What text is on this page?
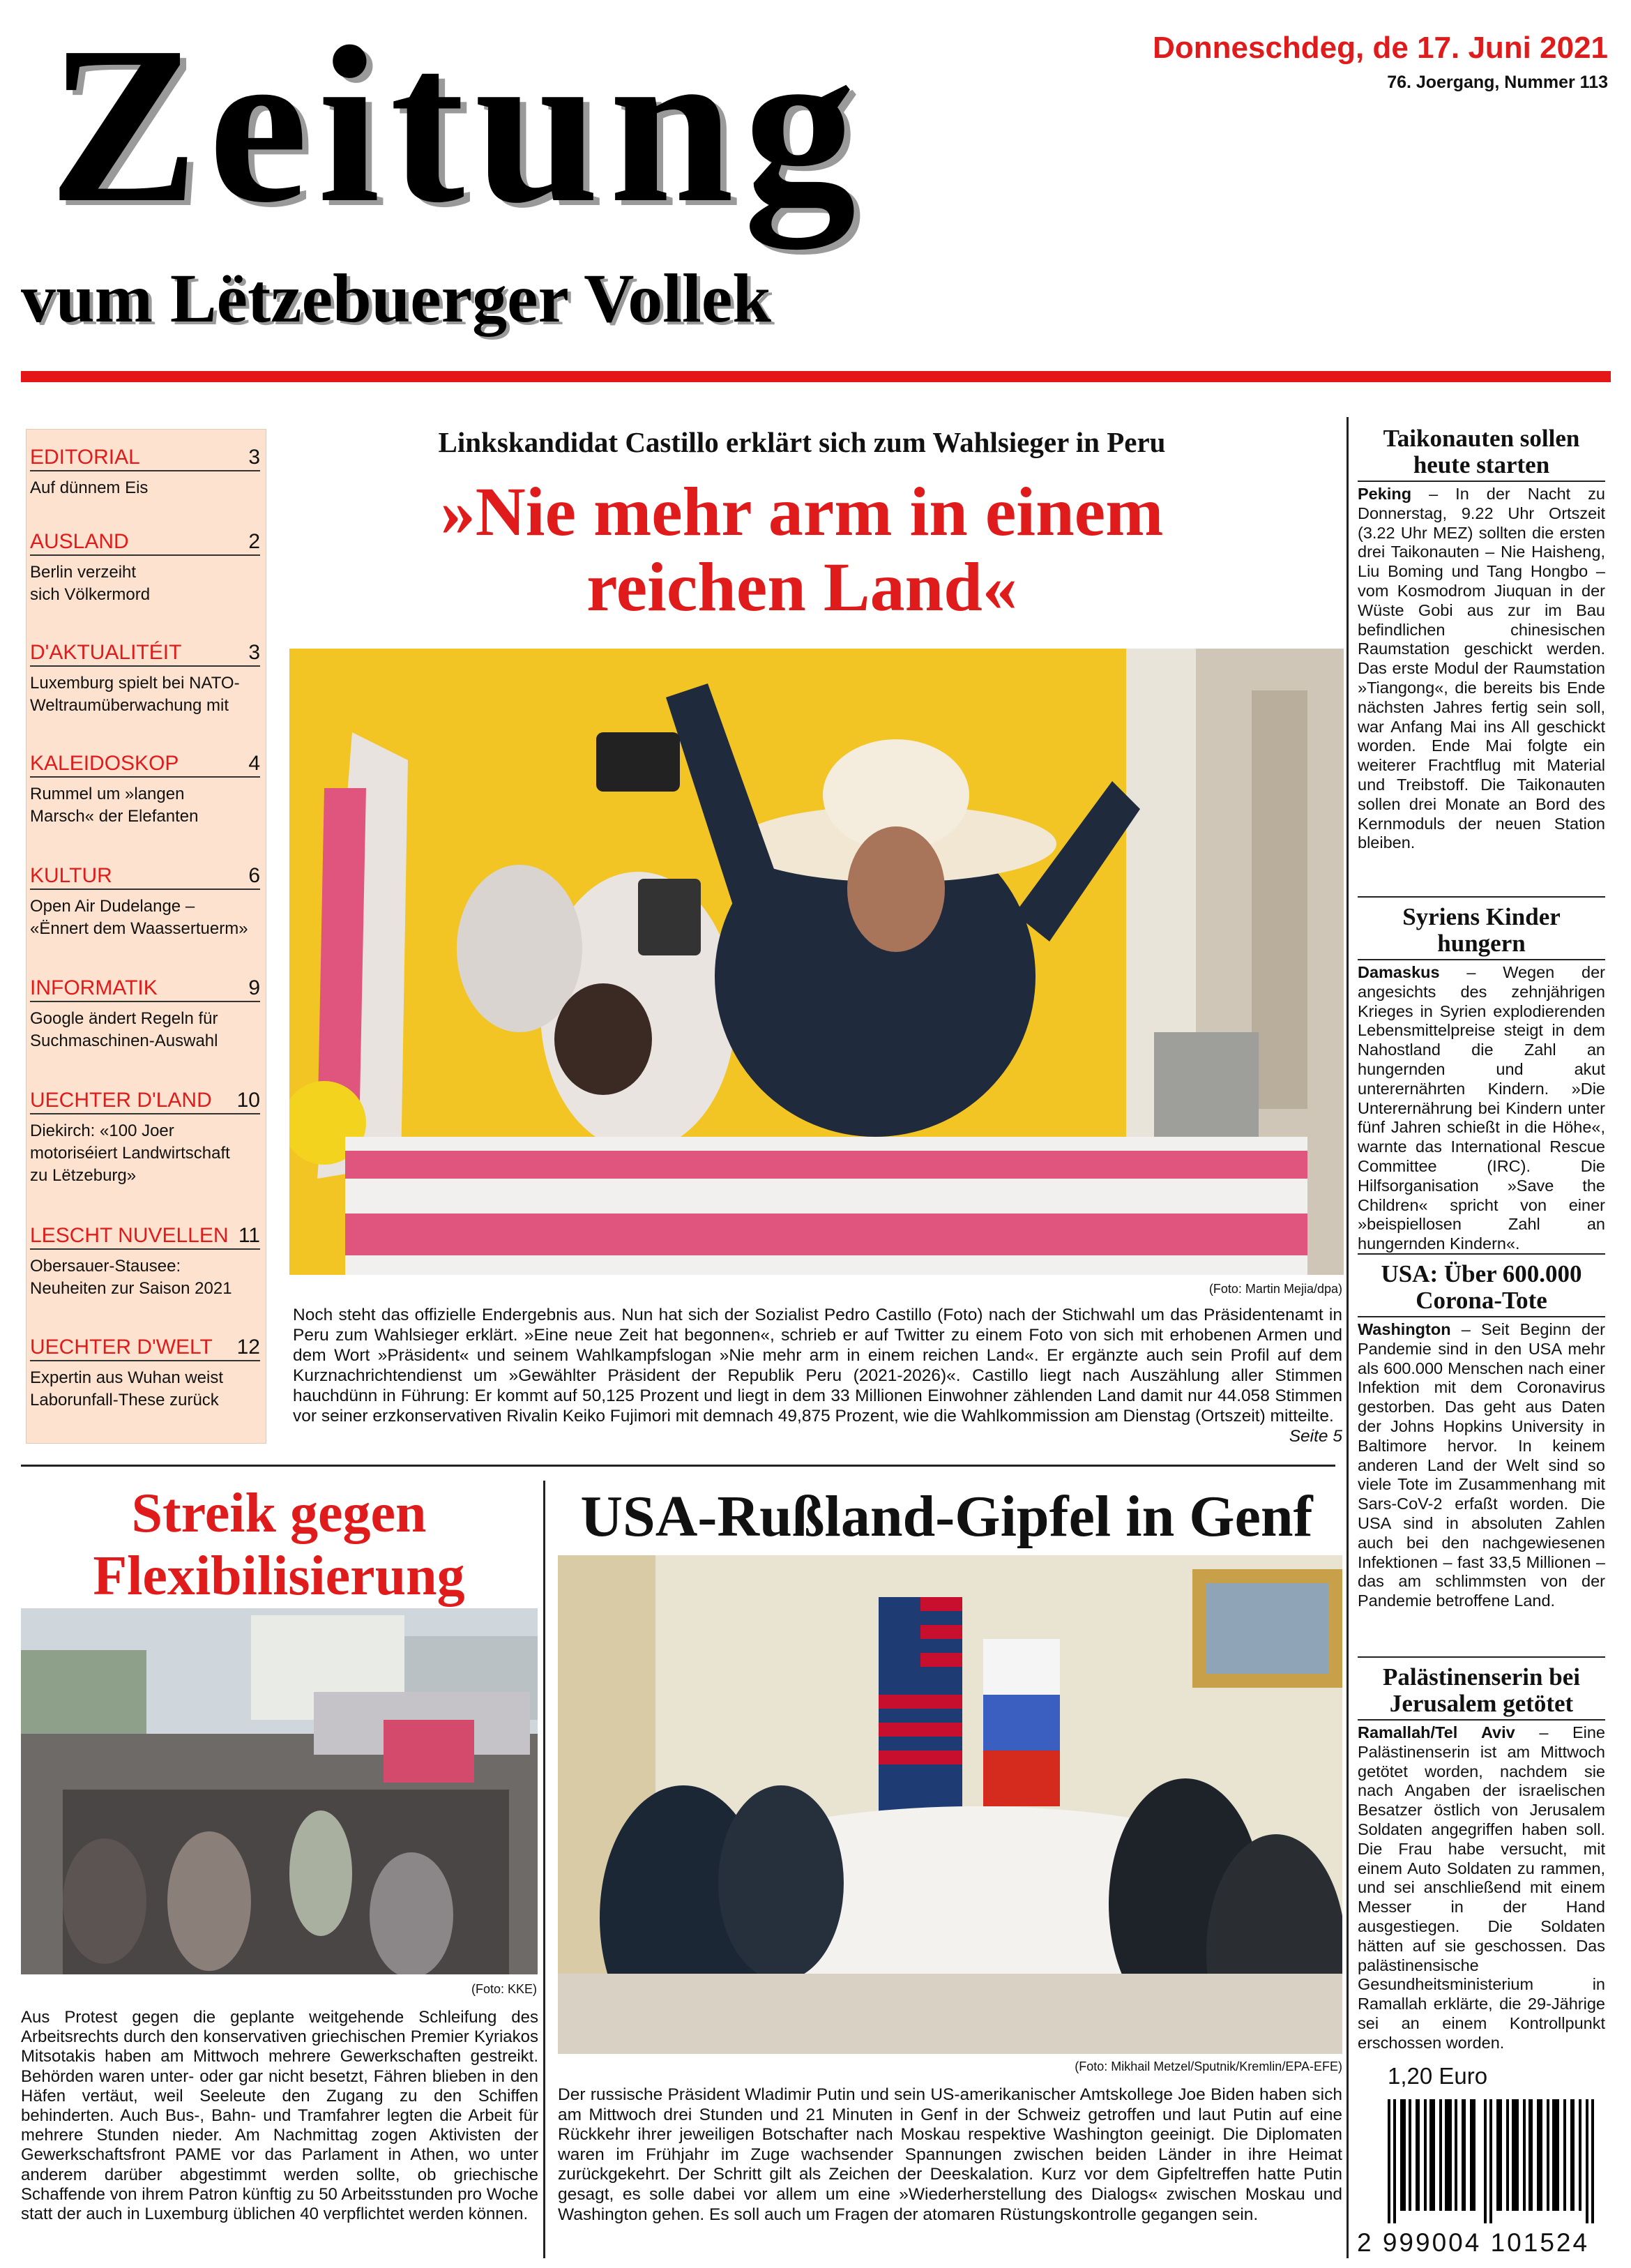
Zeitung
vum Lëtzebuerger Vollek
Donneschdeg, de 17. Juni 2021
76. Joergang, Nummer 113
EDITORIAL	3
Auf dünnem Eis
AUSLAND	2
Berlin verzeiht
sich Völkermord
D'AKTUALITÉIT	3
Luxemburg spielt bei NATO-
Weltraumüberwachung mit
KALEIDOSKOP	4
Rummel um »langen
Marsch« der Elefanten
KULTUR	6
Open Air Dudelange –
«Ënnert dem Waassertuerm»
INFORMATIK	9
Google ändert Regeln für
Suchmaschinen-Auswahl
UECHTER D'LAND 10
Diekirch: «100 Joer
motoriséiert Landwirtschaft
zu Lëtzeburg»
LESCHT NUVELLEN 11
Obersauer-Stausee:
Neuheiten zur Saison 2021
UECHTER D'WELT 12
Expertin aus Wuhan weist
Laborunfall-These zurück
Linkskandidat Castillo erklärt sich zum Wahlsieger in Peru
»Nie mehr arm in einem
reichen Land«
(Foto: Martin Mejia/dpa)
Noch steht das offizielle Endergebnis aus. Nun hat sich der Sozialist Pedro Castillo (Foto) nach der Stichwahl um das Präsidentenamt in Peru zum Wahlsieger erklärt. »Eine neue Zeit hat begonnen«, schrieb er auf Twitter zu einem Foto von sich mit erhobenen Armen und dem Wort »Präsident« und seinem Wahlkampfslogan »Nie mehr arm in einem reichen Land«. Er ergänzte auch sein Profil auf dem Kurznachrichtendienst um »Gewählter Präsident der Republik Peru (2021-2026)«. Castillo liegt nach Auszählung aller Stimmen hauchdünn in Führung: Er kommt auf 50,125 Prozent und liegt in dem 33 Millionen Einwohner zählenden Land damit nur 44.058 Stimmen vor seiner erzkonservativen Rivalin Keiko Fujimori mit demnach 49,875 Prozent, wie die Wahlkommission am Dienstag (Ortszeit) mitteilte.
Seite 5
Streik gegen
Flexibilisierung
(Foto: KKE)
Aus Protest gegen die geplante weitgehende Schleifung des Arbeitsrechts durch den konservativen griechischen Premier Kyriakos Mitsotakis haben am Mittwoch mehrere Gewerkschaften gestreikt. Behörden waren unter- oder gar nicht besetzt, Fähren blieben in den Häfen vertäut, weil Seeleute den Zugang zu den Schiffen behinderten. Auch Bus-, Bahn- und Tramfahrer legten die Arbeit für mehrere Stunden nieder. Am Nachmittag zogen Aktivisten der Gewerkschaftsfront PAME vor das Parlament in Athen, wo unter anderem darüber abgestimmt werden sollte, ob griechische Schaffende von ihrem Patron künftig zu 50 Arbeitsstunden pro Woche statt der auch in Luxemburg üblichen 40 verpflichtet werden können.
USA-Rußland-Gipfel in Genf
(Foto: Mikhail Metzel/Sputnik/Kremlin/EPA-EFE)
Der russische Präsident Wladimir Putin und sein US-amerikanischer Amtskollege Joe Biden haben sich am Mittwoch drei Stunden und 21 Minuten in Genf in der Schweiz getroffen und laut Putin auf eine Rückkehr ihrer jeweiligen Botschafter nach Moskau respektive Washington geeinigt. Die Diplomaten waren im Frühjahr im Zuge wachsender Spannungen zwischen beiden Länder in ihre Heimat zurückgekehrt. Der Schritt gilt als Zeichen der Deeskalation. Kurz vor dem Gipfeltreffen hatte Putin gesagt, es solle dabei vor allem um eine »Wiederherstellung des Dialogs« zwischen Moskau und Washington gehen. Es soll auch um Fragen der atomaren Rüstungskontrolle gegangen sein.
Taikonauten sollen heute starten
Peking – In der Nacht zu Donnerstag, 9.22 Uhr Ortszeit (3.22 Uhr MEZ) sollten die ersten drei Taikonauten – Nie Haisheng, Liu Boming und Tang Hongbo – vom Kosmodrom Jiuquan in der Wüste Gobi aus zur im Bau befindlichen chinesischen Raumstation geschickt werden. Das erste Modul der Raumstation »Tiangong«, die bereits bis Ende nächsten Jahres fertig sein soll, war Anfang Mai ins All geschickt worden. Ende Mai folgte ein weiterer Frachtflug mit Material und Treibstoff. Die Taikonauten sollen drei Monate an Bord des Kernmoduls der neuen Station bleiben.
Syriens Kinder hungern
Damaskus – Wegen der angesichts des zehnjährigen Krieges in Syrien explodierenden Lebensmittelpreise steigt in dem Nahostland die Zahl an hungernden und akut unterernährten Kindern. »Die Unterernährung bei Kindern unter fünf Jahren schießt in die Höhe«, warnte das International Rescue Committee (IRC). Die Hilfsorganisation »Save the Children« spricht von einer »beispiellosen Zahl an hungernden Kindern«.
USA: Über 600.000 Corona-Tote
Washington – Seit Beginn der Pandemie sind in den USA mehr als 600.000 Menschen nach einer Infektion mit dem Coronavirus gestorben. Das geht aus Daten der Johns Hopkins University in Baltimore hervor. In keinem anderen Land der Welt sind so viele Tote im Zusammenhang mit Sars-CoV-2 erfaßt worden. Die USA sind in absoluten Zahlen auch bei den nachgewiesenen Infektionen – fast 33,5 Millionen – das am schlimmsten von der Pandemie betroffene Land.
Palästinenserin bei Jerusalem getötet
Ramallah/Tel Aviv – Eine Palästinenserin ist am Mittwoch getötet worden, nachdem sie nach Angaben der israelischen Besatzer östlich von Jerusalem Soldaten angegriffen haben soll. Die Frau habe versucht, mit einem Auto Soldaten zu rammen, und sei anschließend mit einem Messer in der Hand ausgestiegen. Die Soldaten hätten auf sie geschossen. Das palästinensische Gesundheitsministerium in Ramallah erklärte, die 29-Jährige sei an einem Kontrollpunkt erschossen worden.
1,20 Euro
2 999004 101524
